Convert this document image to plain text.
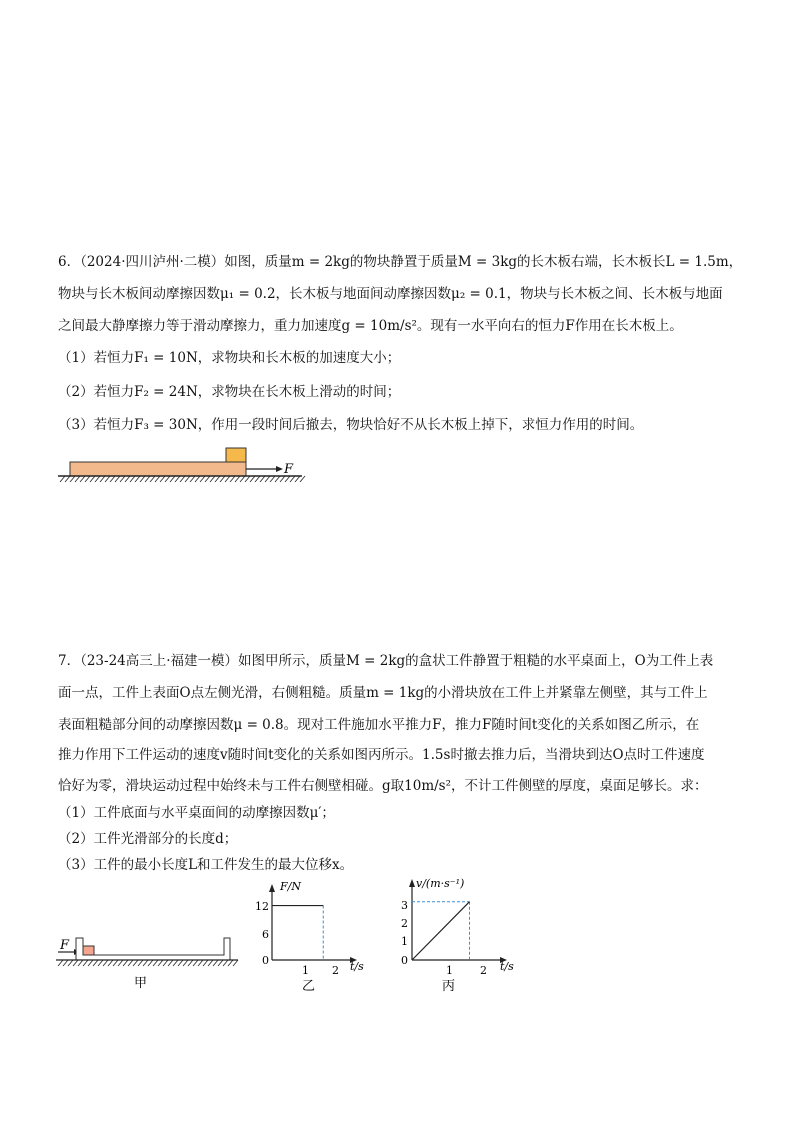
6．（2024·四川泸州·二模）如图，质量m = 2kg的物块静置于质量M = 3kg的长木板右端，长木板长L = 1.5m，
物块与长木板间动摩擦因数μ₁ = 0.2，长木板与地面间动摩擦因数μ₂ = 0.1，物块与长木板之间、长木板与地面
之间最大静摩擦力等于滑动摩擦力，重力加速度g = 10m/s²。现有一水平向右的恒力F作用在长木板上。
（1）若恒力F₁ = 10N，求物块和长木板的加速度大小；
（2）若恒力F₂ = 24N，求物块在长木板上滑动的时间；
（3）若恒力F₃ = 30N，作用一段时间后撤去，物块恰好不从长木板上掉下，求恒力作用的时间。
F
7．（23-24高三上·福建一模）如图甲所示，质量M = 2kg的盒状工件静置于粗糙的水平桌面上，O为工件上表
面一点，工件上表面O点左侧光滑，右侧粗糙。质量m = 1kg的小滑块放在工件上并紧靠左侧壁，其与工件上
表面粗糙部分间的动摩擦因数μ = 0.8。现对工件施加水平推力F，推力F随时间t变化的关系如图乙所示，在
推力作用下工件运动的速度v随时间t变化的关系如图丙所示。1.5s时撤去推力后，当滑块到达O点时工件速度
恰好为零，滑块运动过程中始终未与工件右侧壁相碰。g取10m/s²，不计工件侧壁的厚度，桌面足够长。求：
（1）工件底面与水平桌面间的动摩擦因数μ′；
（2）工件光滑部分的长度d；
（3）工件的最小长度L和工件发生的最大位移x。
F
甲
F/N
t/s
12
6
0
1 2
乙
v/(m·s⁻¹)
t/s
3
2
1
0
1 2
丙
